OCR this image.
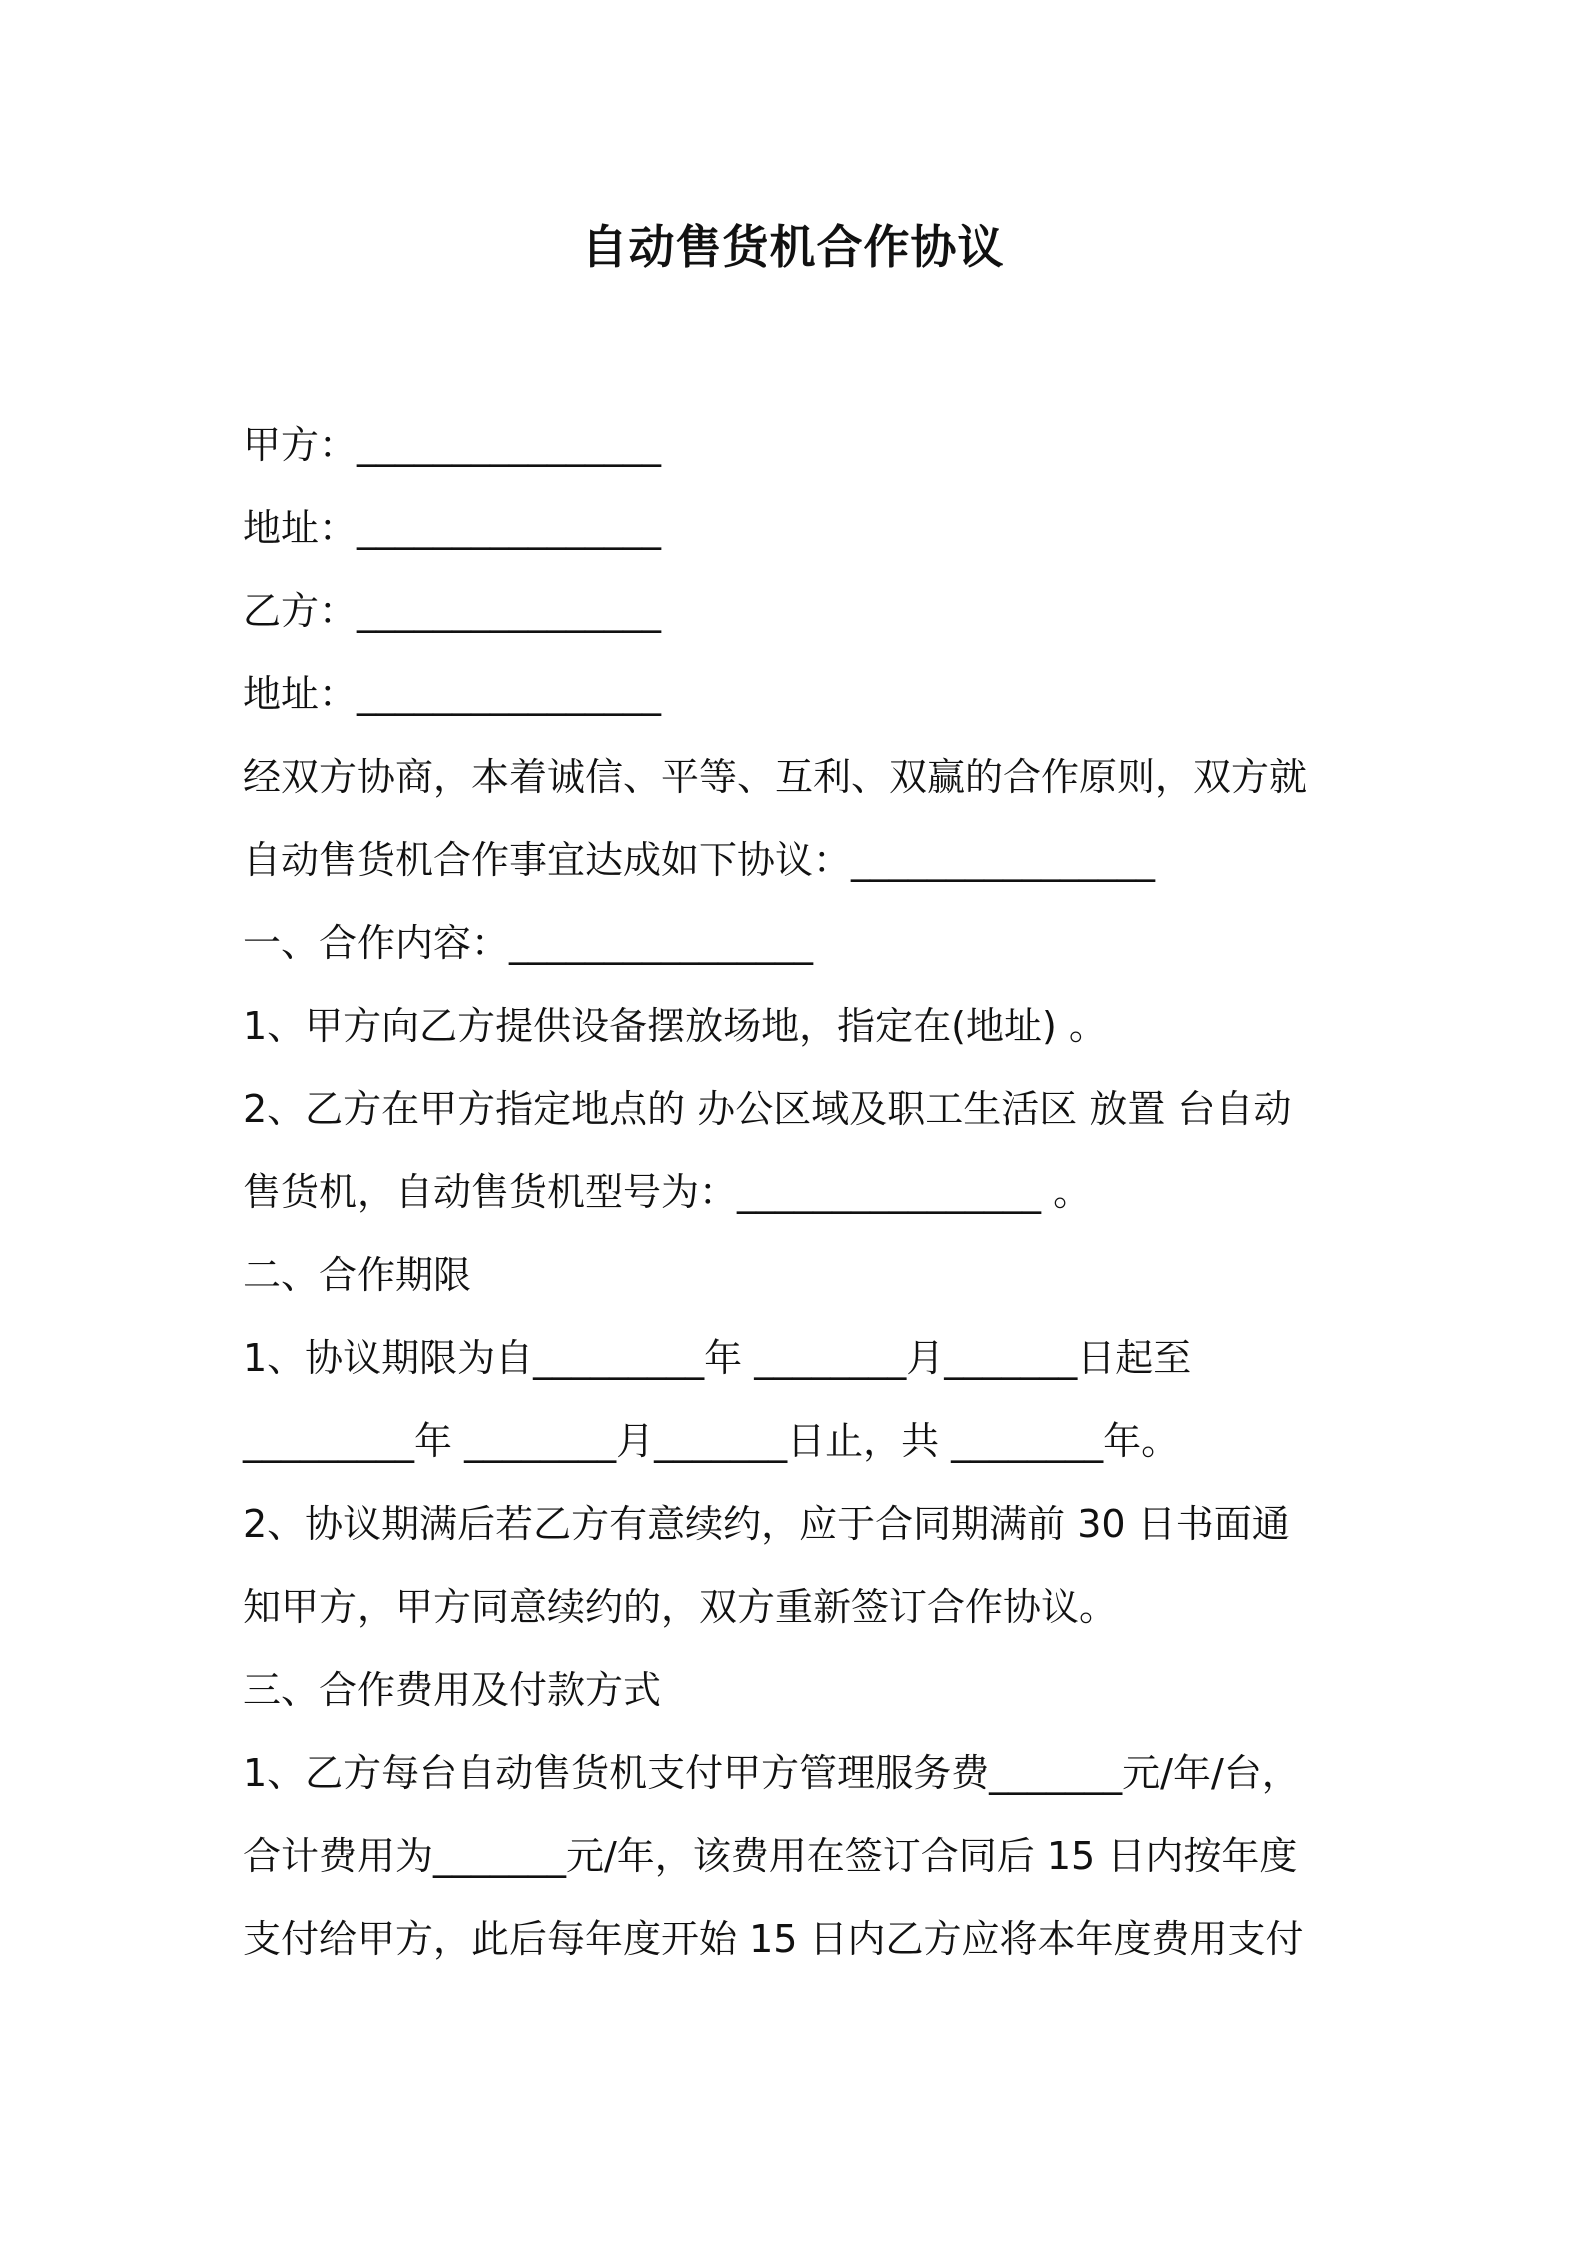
自动售货机合作协议
甲方：________________
地址：________________
乙方：________________
地址：________________
经双方协商，本着诚信、平等、互利、双赢的合作原则，双方就
自动售货机合作事宜达成如下协议：________________
一、合作内容：________________
1、甲方向乙方提供设备摆放场地，指定在(地址) 。
2、乙方在甲方指定地点的 办公区域及职工生活区 放置 台自动
售货机，自动售货机型号为：________________ 。
二、合作期限
1、协议期限为自_________年 ________月_______日起至
_________年 ________月_______日止，共 ________年。
2、协议期满后若乙方有意续约，应于合同期满前 30 日书面通
知甲方，甲方同意续约的，双方重新签订合作协议。
三、合作费用及付款方式
1、乙方每台自动售货机支付甲方管理服务费_______元/年/台，
合计费用为_______元/年，该费用在签订合同后 15 日内按年度
支付给甲方，此后每年度开始 15 日内乙方应将本年度费用支付
